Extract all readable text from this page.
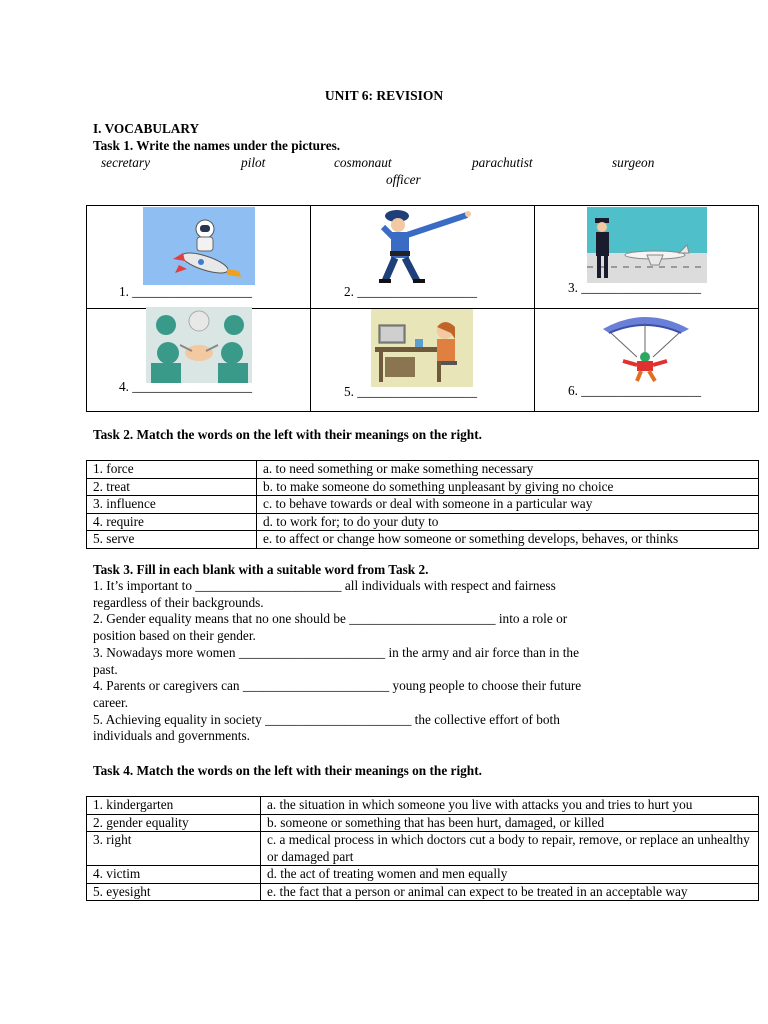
UNIT 6: REVISION
I. VOCABULARY
Task 1. Write the names under the pictures.
secretary	pilot	cosmonaut	parachutist	surgeon
officer
1. __________________	2. __________________	3. __________________

4. __________________	5. __________________	6. __________________
Task 2. Match the words on the left with their meanings on the right.
1. force	a. to need something or make something necessary
2. treat	b. to make someone do something unpleasant by giving no choice
3. influence	c. to behave towards or deal with someone in a particular way
4. require	d. to work for; to do your duty to
5. serve	e. to affect or change how someone or something develops, behaves, or thinks
Task 3. Fill in each blank with a suitable word from Task 2.
1. It’s important to ______________________ all individuals with respect and fairness
regardless of their backgrounds.
2. Gender equality means that no one should be ______________________ into a role or
position based on their gender.
3. Nowadays more women ______________________ in the army and air force than in the
past.
4. Parents or caregivers can ______________________ young people to choose their future
career.
5. Achieving equality in society ______________________ the collective effort of both
individuals and governments.
Task 4. Match the words on the left with their meanings on the right.
1. kindergarten	a. the situation in which someone you live with attacks you and tries to hurt you
2. gender equality	b. someone or something that has been hurt, damaged, or killed
3. right	c. a medical process in which doctors cut a body to repair, remove, or replace an unhealthy or damaged part
4. victim	d. the act of treating women and men equally
5. eyesight	e. the fact that a person or animal can expect to be treated in an acceptable way
